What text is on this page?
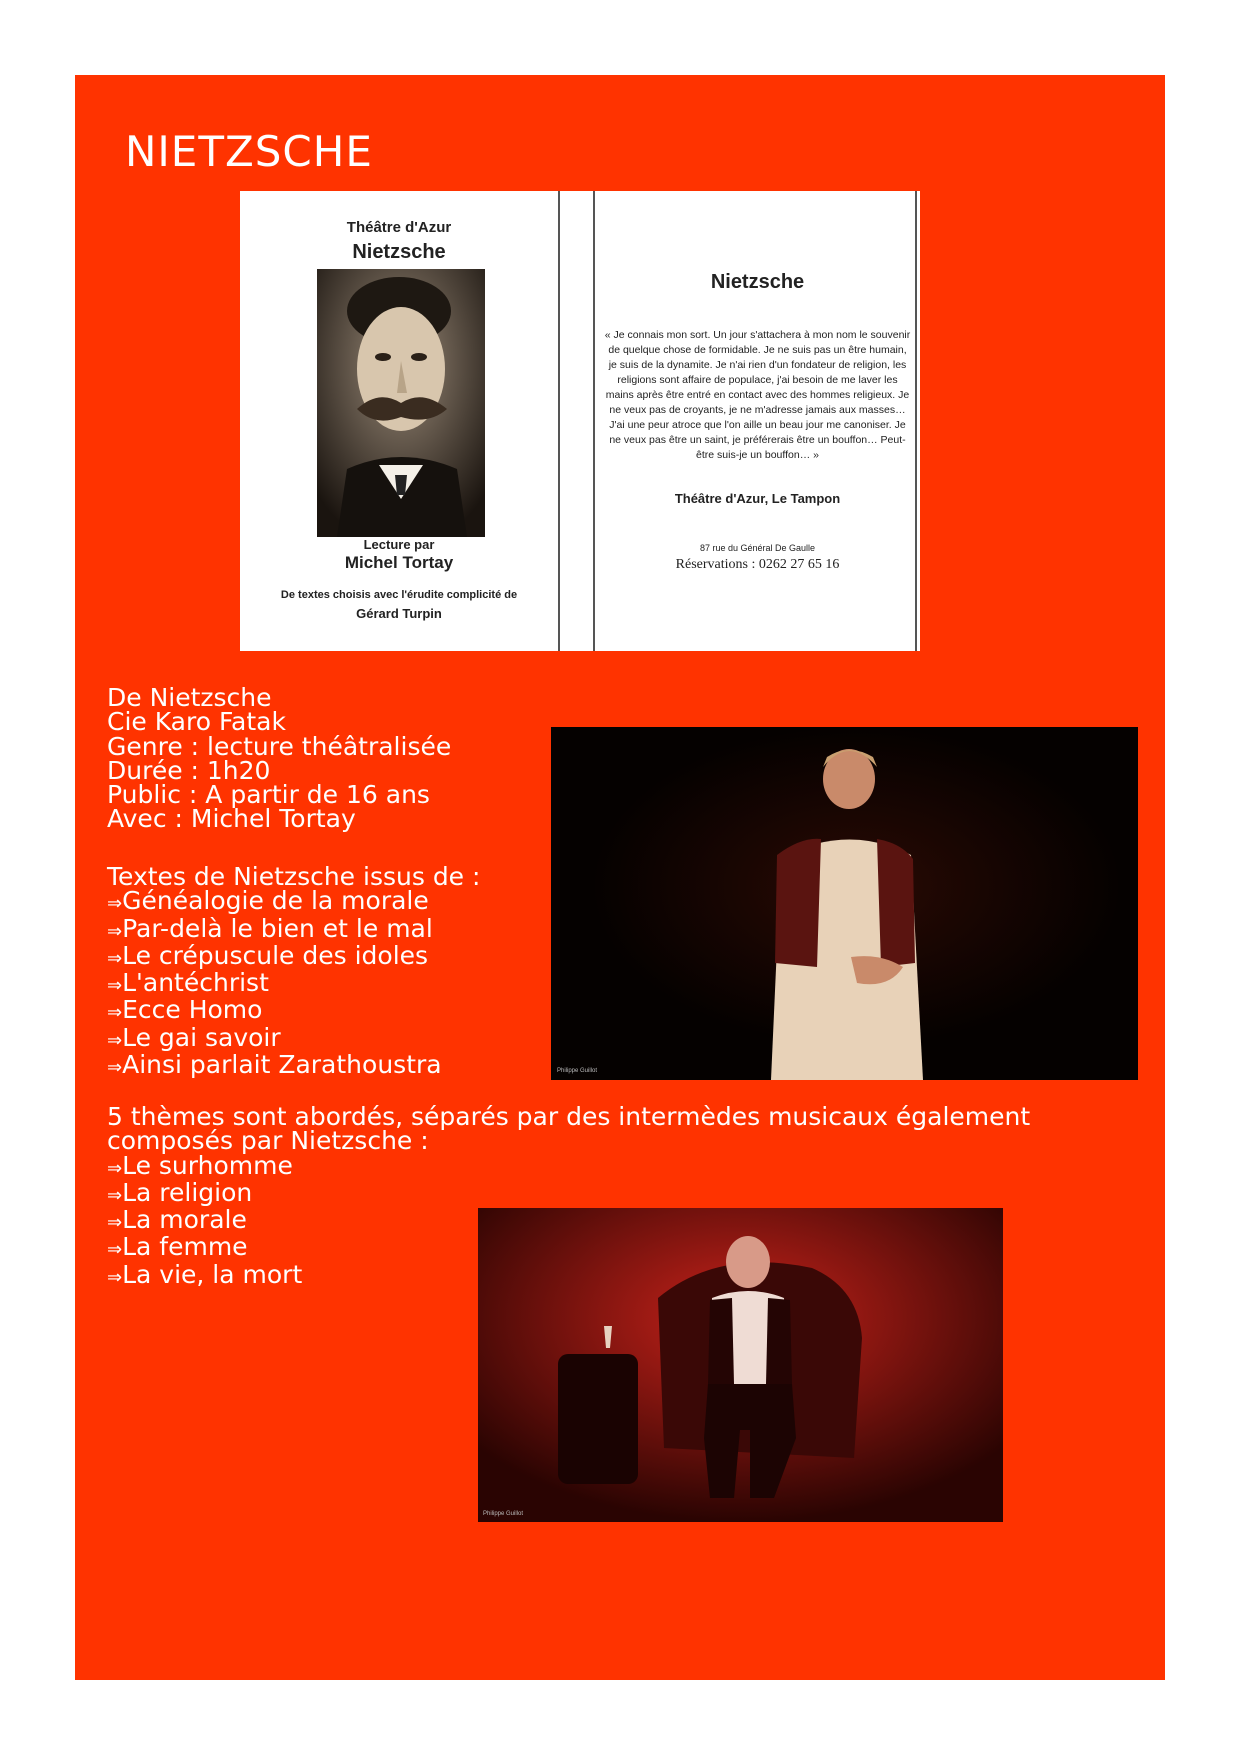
NIETZSCHE
Théâtre d'Azur
Nietzsche
Lecture par
Michel Tortay
De textes choisis avec l'érudite complicité de
Gérard Turpin
Nietzsche
« Je connais mon sort. Un jour s'attachera à mon nom le souvenir de quelque chose de formidable. Je ne suis pas un être humain, je suis de la dynamite. Je n'ai rien d'un fondateur de religion, les religions sont affaire de populace, j'ai besoin de me laver les mains après être entré en contact avec des hommes religieux. Je ne veux pas de croyants, je ne m'adresse jamais aux masses… J'ai une peur atroce que l'on aille un beau jour me canoniser. Je ne veux pas être un saint, je préférerais être un bouffon… Peut-être suis-je un bouffon… »
Théâtre d'Azur, Le Tampon
87 rue du Général De Gaulle
Réservations : 0262 27 65 16
Philippe Guillot
Philippe Guillot
De Nietzsche
Cie Karo Fatak
Genre : lecture théâtralisée
Durée : 1h20
Public : A partir de 16 ans
Avec : Michel Tortay
Textes de Nietzsche issus de :
⇒Généalogie de la morale
⇒Par-delà le bien et le mal
⇒Le crépuscule des idoles
⇒L'antéchrist
⇒Ecce Homo
⇒Le gai savoir
⇒Ainsi parlait Zarathoustra
5 thèmes sont abordés, séparés par des intermèdes musicaux également
composés par Nietzsche :
⇒Le surhomme
⇒La religion
⇒La morale
⇒La femme
⇒La vie, la mort
